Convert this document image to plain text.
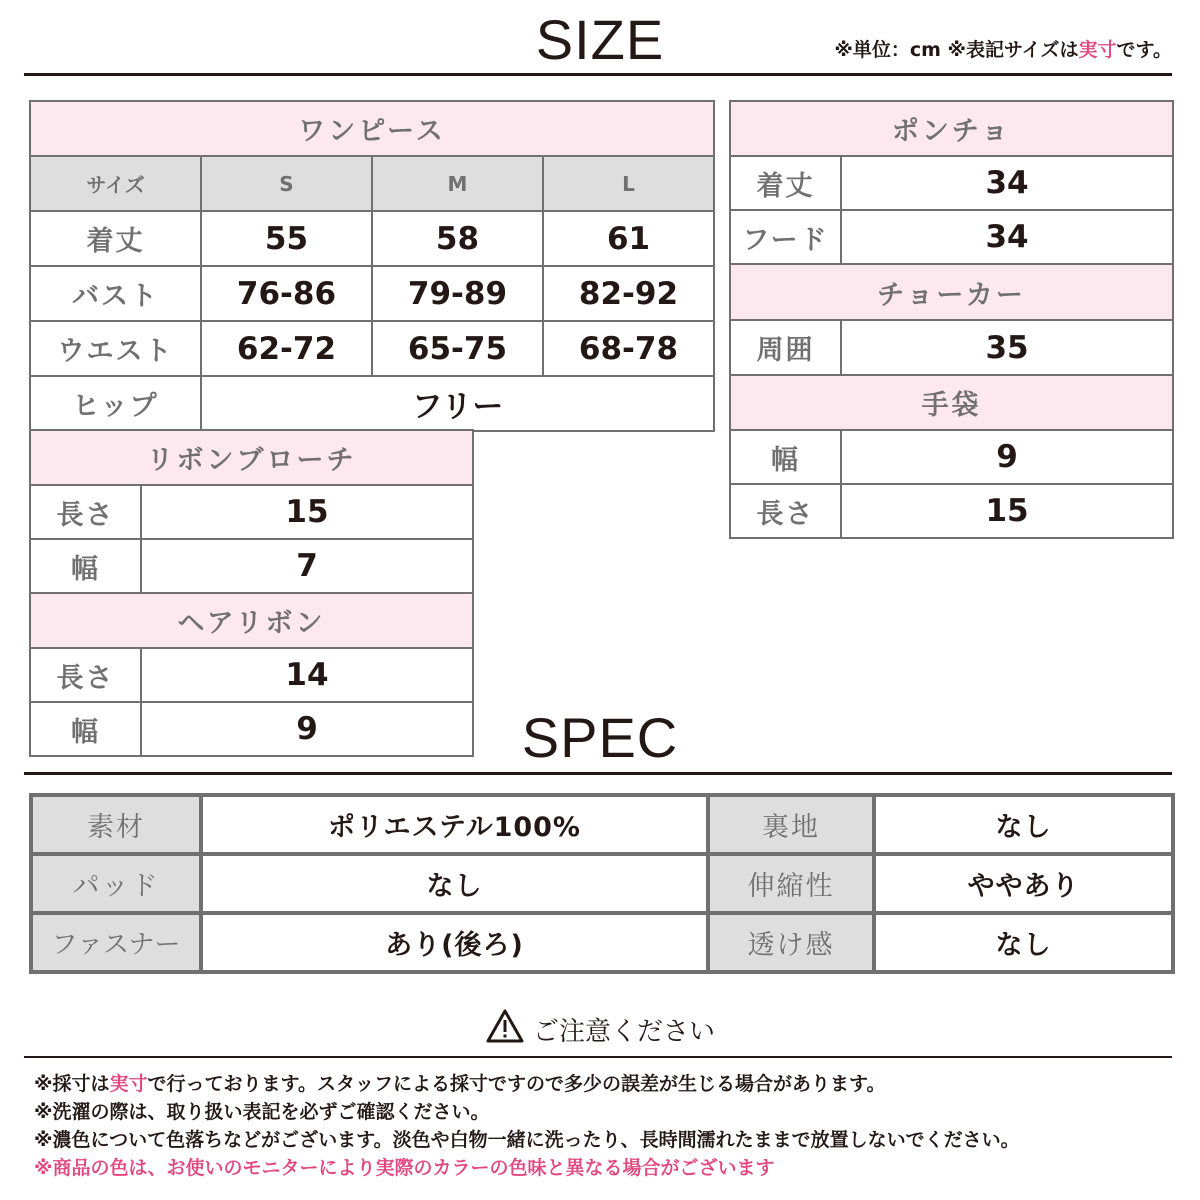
SIZE	※単位：cm ※表記サイズは実寸です。
ワンピース			
サイズ	S	M	L
着丈	55	58	61
バスト	76-86	79-89	82-92
ウエスト	62-72	65-75	68-78
ヒップ	フリー		
リボンブローチ	
長さ	15
幅	7
ヘアリボン	
長さ	14
幅	9
ポンチョ	
着丈	34
フード	34
チョーカー	
周囲	35
手袋	
幅	9
長さ	15
SPEC
素材	ポリエステル100%	裏地	なし
パッド	なし	伸縮性	ややあり
ファスナー	あり(後ろ)	透け感	なし
ご注意ください
※採寸は実寸で行っております。スタッフによる採寸ですので多少の誤差が生じる場合があります。
※洗濯の際は、取り扱い表記を必ずご確認ください。
※濃色について色落ちなどがございます。淡色や白物一緒に洗ったり、長時間濡れたままで放置しないでください。
※商品の色は、お使いのモニターにより実際のカラーの色味と異なる場合がございます
